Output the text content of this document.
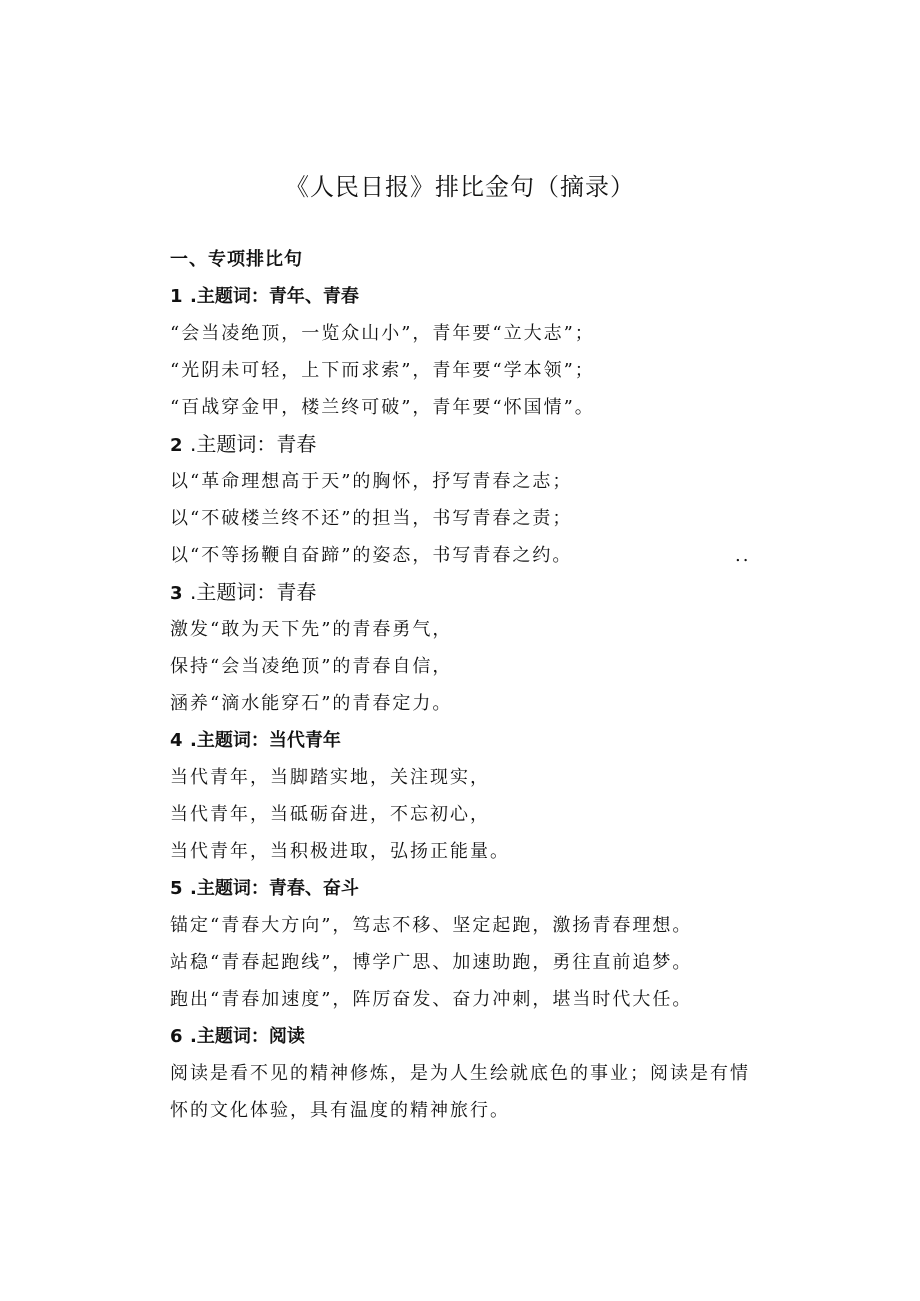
《人民日报》排比金句（摘录）
一、专项排比句
1 .主题词：青年、青春
“会当凌绝顶，一览众山小”，青年要“立大志”；
“光阴未可轻，上下而求索”，青年要“学本领”；
“百战穿金甲，楼兰终可破”，青年要“怀国情”。
2 .主题词：青春
以“革命理想高于天”的胸怀，抒写青春之志；
以“不破楼兰终不还”的担当，书写青春之责；
以“不等扬鞭自奋蹄”的姿态，书写青春之约。	..
3 .主题词：青春
激发“敢为天下先”的青春勇气，
保持“会当凌绝顶”的青春自信，
涵养“滴水能穿石”的青春定力。
4 .主题词：当代青年
当代青年，当脚踏实地，关注现实，
当代青年，当砥砺奋进，不忘初心，
当代青年，当积极进取，弘扬正能量。
5 .主题词：青春、奋斗
锚定“青春大方向”，笃志不移、坚定起跑，激扬青春理想。
站稳“青春起跑线”，博学广思、加速助跑，勇往直前追梦。
跑出“青春加速度”，阵厉奋发、奋力冲刺，堪当时代大任。
6 .主题词：阅读
阅读是看不见的精神修炼，是为人生绘就底色的事业；阅读是有情怀的文化体验，具有温度的精神旅行。
